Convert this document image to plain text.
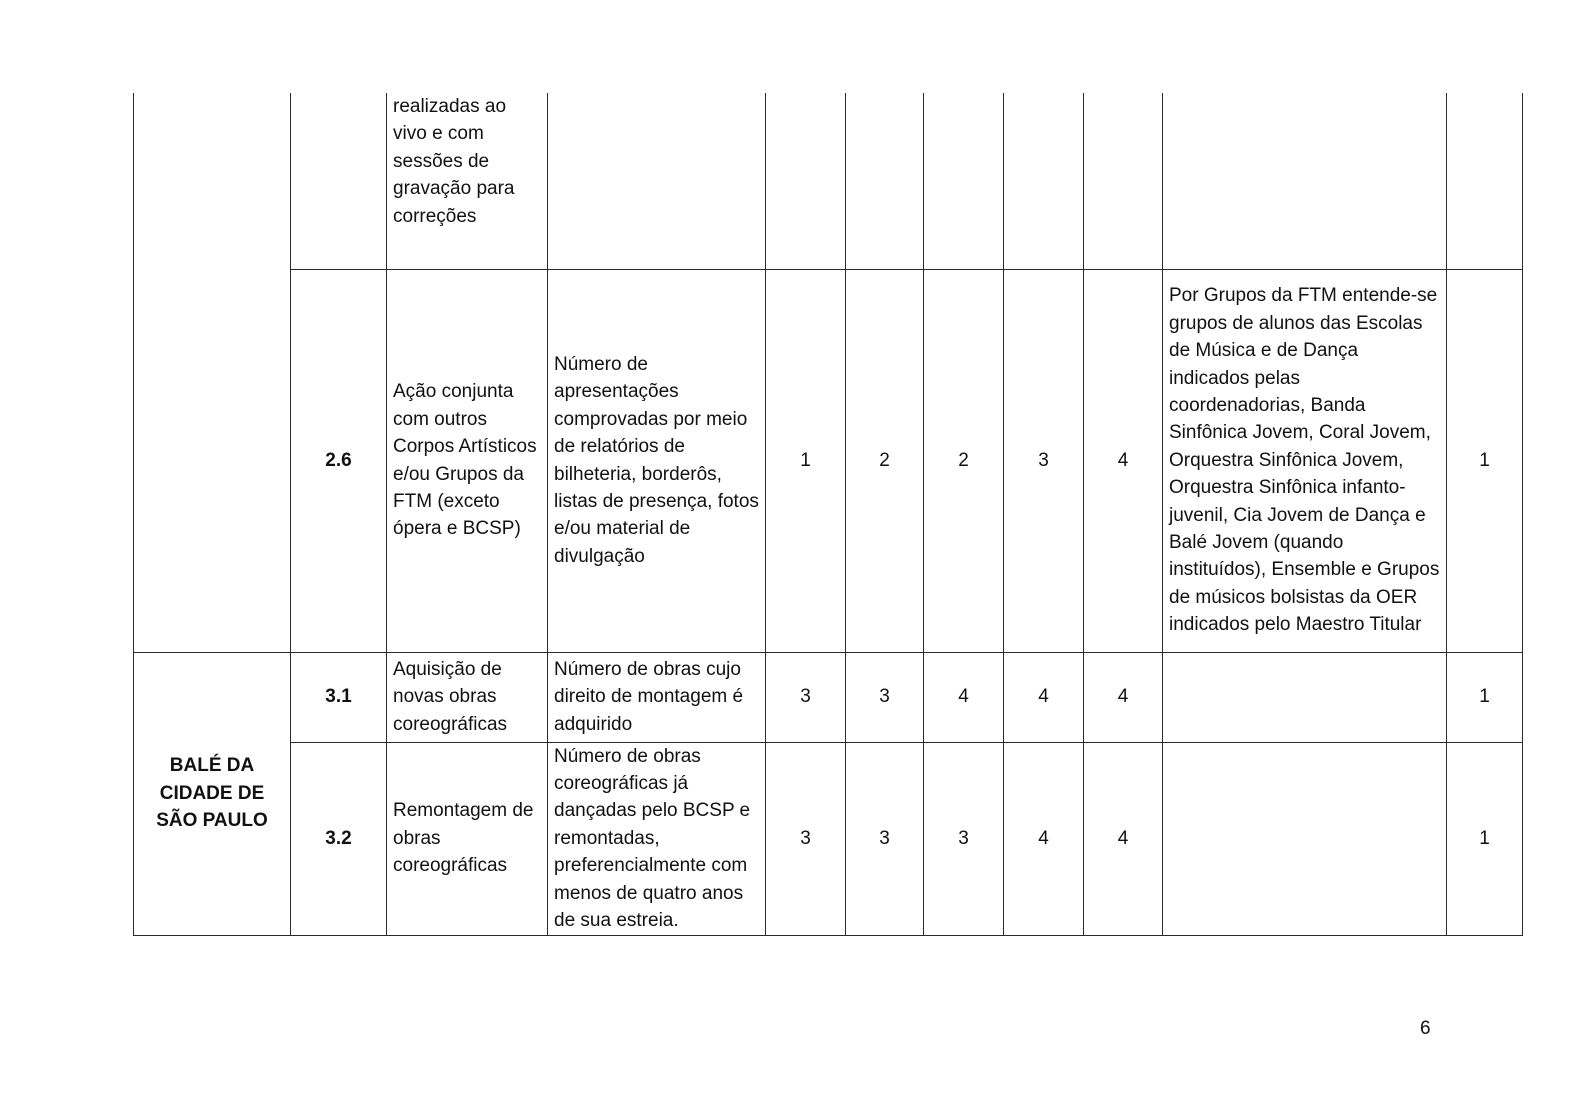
		realizadas ao vivo e com sessões de gravação para correções								
	2.6	Ação conjunta com outros Corpos Artísticos e/ou Grupos da FTM (exceto ópera e BCSP)	Número de apresentações comprovadas por meio de relatórios de bilheteria, borderôs, listas de presença, fotos e/ou material de divulgação	1	2	2	3	4	Por Grupos da FTM entende-se grupos de alunos das Escolas de Música e de Dança indicados pelas coordenadorias, Banda Sinfônica Jovem, Coral Jovem, Orquestra Sinfônica Jovem, Orquestra Sinfônica infanto-juvenil, Cia Jovem de Dança e Balé Jovem (quando instituídos), Ensemble e Grupos de músicos bolsistas da OER indicados pelo Maestro Titular	1
BALÉ DA
CIDADE DE
SÃO PAULO	3.1	Aquisição de novas obras coreográficas	Número de obras cujo direito de montagem é adquirido	3	3	4	4	4		1
	3.2	Remontagem de obras coreográficas	Número de obras coreográficas já dançadas pelo BCSP e remontadas, preferencialmente com menos de quatro anos de sua estreia.	3	3	3	4	4		1
6
